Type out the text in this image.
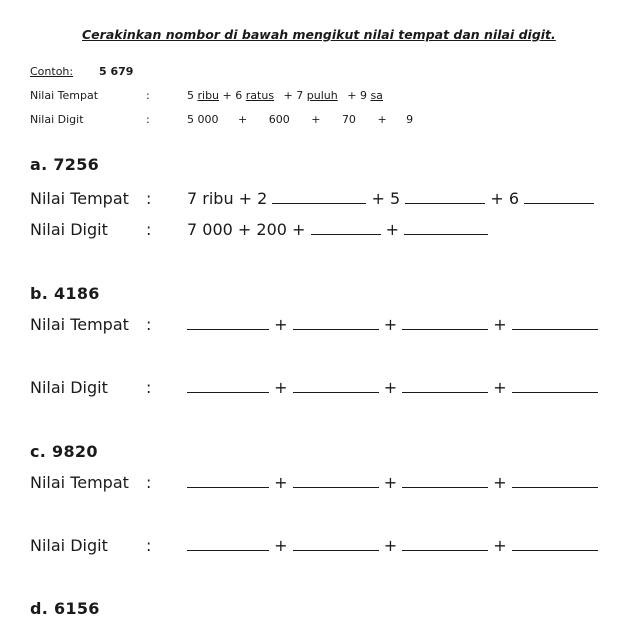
Cerakinkan nombor di bawah mengikut nilai tempat dan nilai digit.
Contoh: 5 679
Nilai Tempat	:	5 ribu + 6 ratus + 7 puluh + 9 sa
Nilai Digit	:	5 000 + 600 + 70 + 9
a. 7256
Nilai Tempat : 7 ribu + 2	+ 5	+ 6
Nilai Digit : 7 000 + 200 +	+
b. 4186
Nilai Tempat :	+	+	+
Nilai Digit :	+	+	+
c. 9820
Nilai Tempat :	+	+	+
Nilai Digit :	+	+	+
d. 6156
